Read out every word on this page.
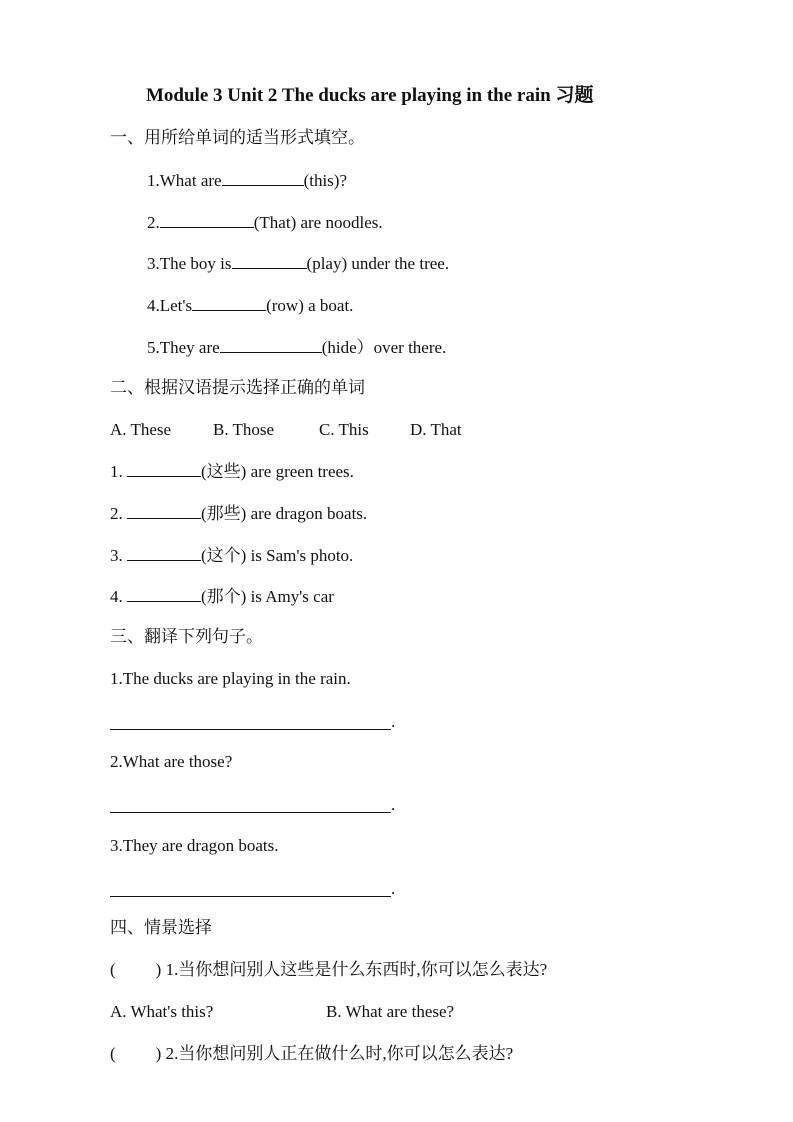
Module 3 Unit 2 The ducks are playing in the rain 习题
一、用所给单词的适当形式填空。
1.What are	(this)?
2.	(That) are noodles.
3.The boy is	(play) under the tree.
4.Let's	(row) a boat.
5.They are	(hide）over there.
二、根据汉语提示选择正确的单词
A. These B. Those	C. This D. That
1.	(这些) are green trees.
2.	(那些) are dragon boats.
3.	(这个) is Sam's photo.
4.	(那个) is Amy's car
三、翻译下列句子。
1.The ducks are playing in the rain.
.
2.What are those?
.
3.They are dragon boats.
.
四、情景选择
( ) 1.当你想问别人这些是什么东西时,你可以怎么表达?
A. What's this?	B. What are these?
( ) 2.当你想问别人正在做什么时,你可以怎么表达?
